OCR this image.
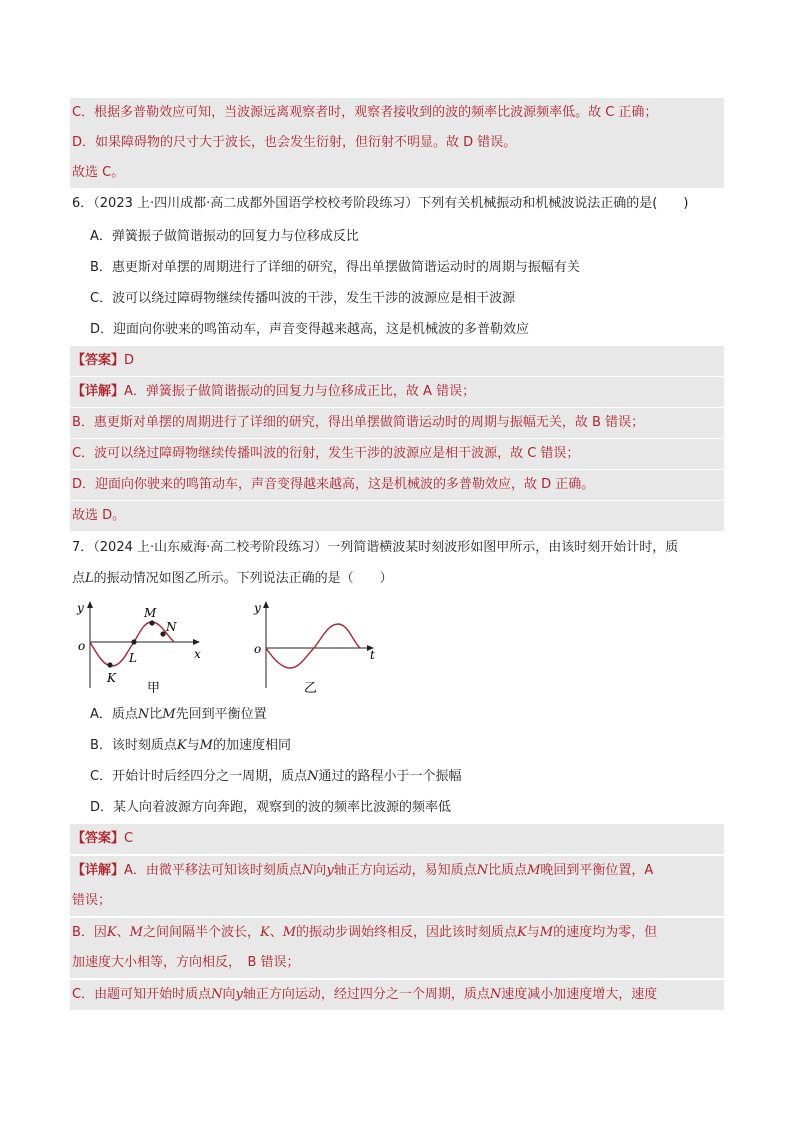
C．根据多普勒效应可知，当波源远离观察者时，观察者接收到的波的频率比波源频率低。故 C 正确；
D．如果障碍物的尺寸大于波长，也会发生衍射，但衍射不明显。故 D 错误。
故选 C。
6．（2023 上·四川成都·高二成都外国语学校校考阶段练习）下列有关机械振动和机械波说法正确的是(　　)
A．弹簧振子做简谐振动的回复力与位移成反比
B．惠更斯对单摆的周期进行了详细的研究，得出单摆做简谐运动时的周期与振幅有关
C．波可以绕过障碍物继续传播叫波的干涉，发生干涉的波源应是相干波源
D．迎面向你驶来的鸣笛动车，声音变得越来越高，这是机械波的多普勒效应
【答案】D
【详解】A．弹簧振子做简谐振动的回复力与位移成正比，故 A 错误；
B．惠更斯对单摆的周期进行了详细的研究，得出单摆做简谐运动时的周期与振幅无关，故 B 错误；
C．波可以绕过障碍物继续传播叫波的衍射，发生干涉的波源应是相干波源，故 C 错误；
D．迎面向你驶来的鸣笛动车，声音变得越来越高，这是机械波的多普勒效应，故 D 正确。
故选 D。
7．（2024 上·山东威海·高二校考阶段练习）一列简谐横波某时刻波形如图甲所示，由该时刻开始计时，质
点L的振动情况如图乙所示。下列说法正确的是（　　）
y
o
x
M
N
L
K
甲
y
o	t
乙
A．质点N比M先回到平衡位置
B．该时刻质点K与M的加速度相同
C．开始计时后经四分之一周期，质点N通过的路程小于一个振幅
D．某人向着波源方向奔跑，观察到的波的频率比波源的频率低
【答案】C
【详解】A．由微平移法可知该时刻质点N向y轴正方向运动，易知质点N比质点M晚回到平衡位置，A
错误；
B．因K、M之间间隔半个波长，K、M的振动步调始终相反，因此该时刻质点K与M的速度均为零，但
加速度大小相等，方向相反，　B 错误；
C．由题可知开始时质点N向y轴正方向运动，经过四分之一个周期，质点N速度减小加速度增大，速度
